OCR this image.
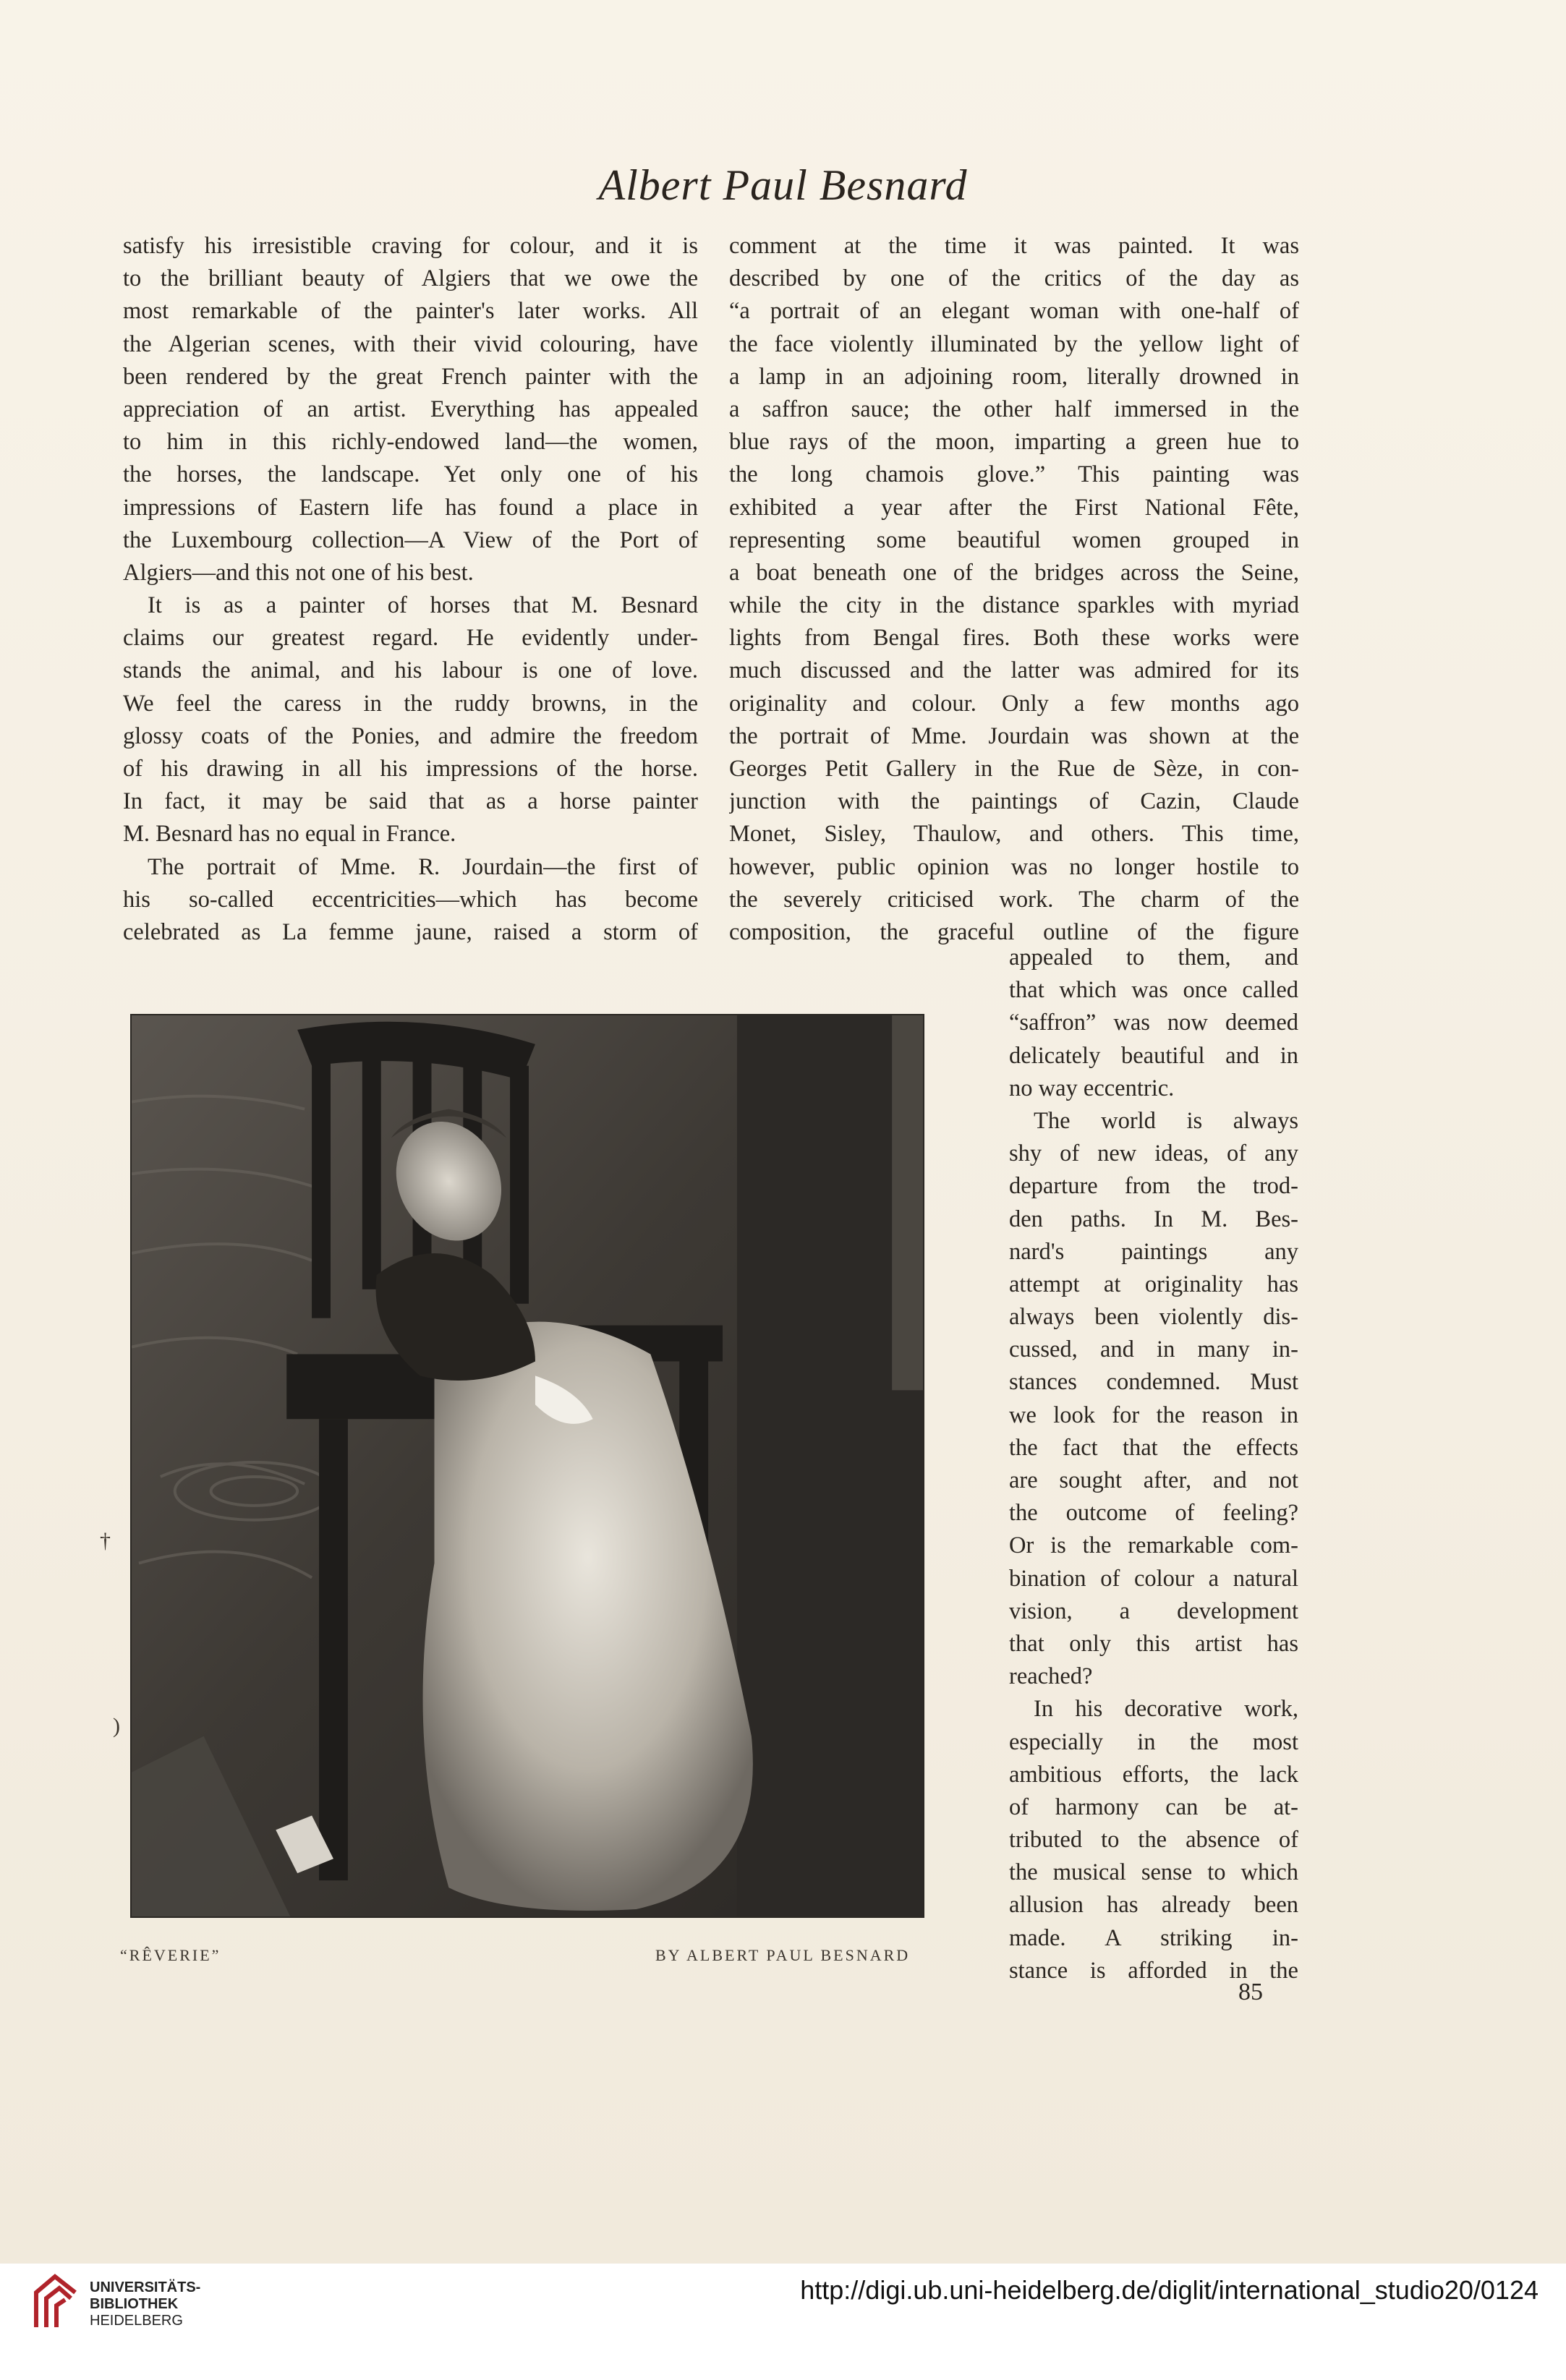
Albert Paul Besnard
satisfy his irresistible craving for colour, and it is
to the brilliant beauty of Algiers that we owe the
most remarkable of the painter's later works. All
the Algerian scenes, with their vivid colouring, have
been rendered by the great French painter with the
appreciation of an artist. Everything has appealed
to him in this richly-endowed land—the women,
the horses, the landscape. Yet only one of his
impressions of Eastern life has found a place in
the Luxembourg collection—A View of the Port of
Algiers—and this not one of his best.
It is as a painter of horses that M. Besnard
claims our greatest regard. He evidently under-
stands the animal, and his labour is one of love.
We feel the caress in the ruddy browns, in the
glossy coats of the Ponies, and admire the freedom
of his drawing in all his impressions of the horse.
In fact, it may be said that as a horse painter
M. Besnard has no equal in France.
The portrait of Mme. R. Jourdain—the first of
his so-called eccentricities—which has become
celebrated as La femme jaune, raised a storm of
comment at the time it was painted. It was
described by one of the critics of the day as
“a portrait of an elegant woman with one-half of
the face violently illuminated by the yellow light of
a lamp in an adjoining room, literally drowned in
a saffron sauce; the other half immersed in the
blue rays of the moon, imparting a green hue to
the long chamois glove.” This painting was
exhibited a year after the First National Fête,
representing some beautiful women grouped in
a boat beneath one of the bridges across the Seine,
while the city in the distance sparkles with myriad
lights from Bengal fires. Both these works were
much discussed and the latter was admired for its
originality and colour. Only a few months ago
the portrait of Mme. Jourdain was shown at the
Georges Petit Gallery in the Rue de Sèze, in con-
junction with the paintings of Cazin, Claude
Monet, Sisley, Thaulow, and others. This time,
however, public opinion was no longer hostile to
the severely criticised work. The charm of the
composition, the graceful outline of the figure
appealed to them, and
that which was once called
“saffron” was now deemed
delicately beautiful and in
no way eccentric.
The world is always
shy of new ideas, of any
departure from the trod-
den paths. In M. Bes-
nard's paintings any
attempt at originality has
always been violently dis-
cussed, and in many in-
stances condemned. Must
we look for the reason in
the fact that the effects
are sought after, and not
the outcome of feeling?
Or is the remarkable com-
bination of colour a natural
vision, a development
that only this artist has
reached?
In his decorative work,
especially in the most
ambitious efforts, the lack
of harmony can be at-
tributed to the absence of
the musical sense to which
allusion has already been
made. A striking in-
stance is afforded in the
“RÊVERIE”	BY ALBERT PAUL BESNARD
85
†
)
UNIVERSITÄTS-
BIBLIOTHEK
HEIDELBERG
http://digi.ub.uni-heidelberg.de/diglit/international_studio20/0124
